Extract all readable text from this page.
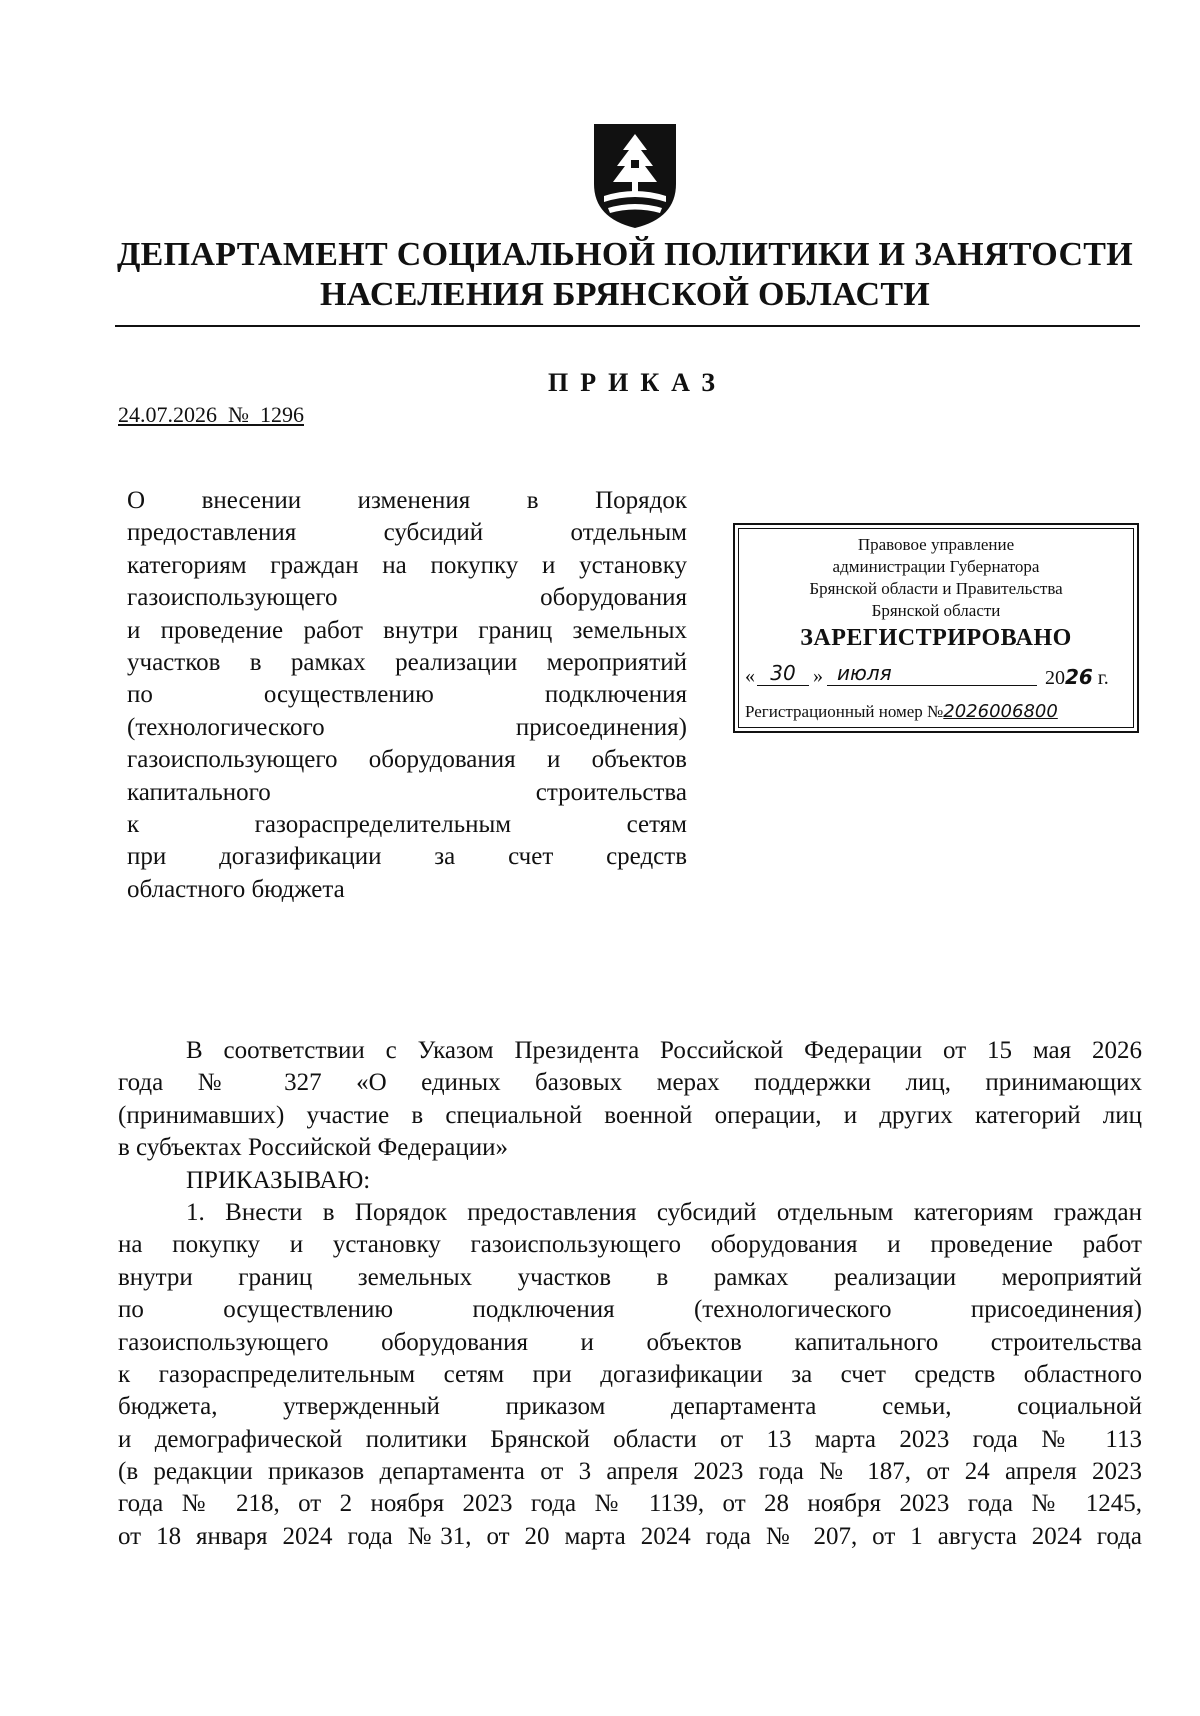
ДЕПАРТАМЕНТ СОЦИАЛЬНОЙ ПОЛИТИКИ И ЗАНЯТОСТИ
НАСЕЛЕНИЯ БРЯНСКОЙ ОБЛАСТИ
ПРИКАЗ
24.07.2026 № 1296
О внесении изменения в Порядок
предоставления субсидий отдельным
категориям граждан на покупку и установку
газоиспользующего оборудования
и проведение работ внутри границ земельных
участков в рамках реализации мероприятий
по осуществлению подключения
(технологического присоединения)
газоиспользующего оборудования и объектов
капитального строительства
к газораспределительным сетям
при догазификации за счет средств
областного бюджета
Правовое управление
администрации Губернатора
Брянской области и Правительства
Брянской области
ЗАРЕГИСТРИРОВАНО
« 30 » июля	2026 г.
Регистрационный номер №2026006800
В соответствии с Указом Президента Российской Федерации от 15 мая 2026
года № 327 «О единых базовых мерах поддержки лиц, принимающих
(принимавших) участие в специальной военной операции, и других категорий лиц
в субъектах Российской Федерации»
ПРИКАЗЫВАЮ:
1. Внести в Порядок предоставления субсидий отдельным категориям граждан
на покупку и установку газоиспользующего оборудования и проведение работ
внутри границ земельных участков в рамках реализации мероприятий
по осуществлению подключения (технологического присоединения)
газоиспользующего оборудования и объектов капитального строительства
к газораспределительным сетям при догазификации за счет средств областного
бюджета, утвержденный приказом департамента семьи, социальной
и демографической политики Брянской области от 13 марта 2023 года № 113
(в редакции приказов департамента от 3 апреля 2023 года № 187, от 24 апреля 2023
года № 218, от 2 ноября 2023 года № 1139, от 28 ноября 2023 года № 1245,
от 18 января 2024 года №31, от 20 марта 2024 года № 207, от 1 августа 2024 года
